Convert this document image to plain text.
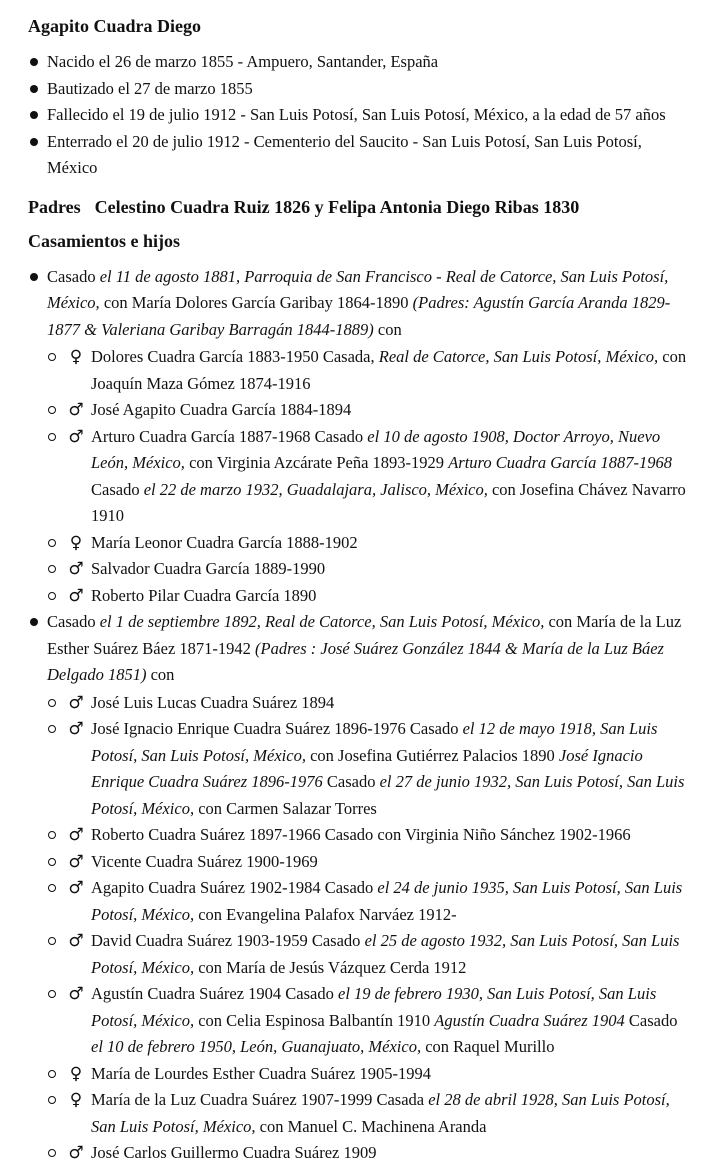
Agapito Cuadra Diego
Nacido el 26 de marzo 1855 - Ampuero, Santander, España
Bautizado el 27 de marzo 1855
Fallecido el 19 de julio 1912 - San Luis Potosí, San Luis Potosí, México, a la edad de 57 años
Enterrado el 20 de julio 1912 - Cementerio del Saucito - San Luis Potosí, San Luis Potosí, México
Padres Celestino Cuadra Ruiz 1826 y Felipa Antonia Diego Ribas 1830
Casamientos e hijos
Casado el 11 de agosto 1881, Parroquia de San Francisco - Real de Catorce, San Luis Potosí, México, con María Dolores García Garibay 1864-1890 (Padres: Agustín García Aranda 1829-1877 & Valeriana Garibay Barragán 1844-1889) con
♀ Dolores Cuadra García 1883-1950 Casada, Real de Catorce, San Luis Potosí, México, con Joaquín Maza Gómez 1874-1916
♂ José Agapito Cuadra García 1884-1894
♂ Arturo Cuadra García 1887-1968 Casado el 10 de agosto 1908, Doctor Arroyo, Nuevo León, México, con Virginia Azcárate Peña 1893-1929 Arturo Cuadra García 1887-1968 Casado el 22 de marzo 1932, Guadalajara, Jalisco, México, con Josefina Chávez Navarro 1910
♀ María Leonor Cuadra García 1888-1902
♂ Salvador Cuadra García 1889-1990
♂ Roberto Pilar Cuadra García 1890
Casado el 1 de septiembre 1892, Real de Catorce, San Luis Potosí, México, con María de la Luz Esther Suárez Báez 1871-1942 (Padres : José Suárez González 1844 & María de la Luz Báez Delgado 1851) con
♂ José Luis Lucas Cuadra Suárez 1894
♂ José Ignacio Enrique Cuadra Suárez 1896-1976 Casado el 12 de mayo 1918, San Luis Potosí, San Luis Potosí, México, con Josefina Gutiérrez Palacios 1890 José Ignacio Enrique Cuadra Suárez 1896-1976 Casado el 27 de junio 1932, San Luis Potosí, San Luis Potosí, México, con Carmen Salazar Torres
♂ Roberto Cuadra Suárez 1897-1966 Casado con Virginia Niño Sánchez 1902-1966
♂ Vicente Cuadra Suárez 1900-1969
♂ Agapito Cuadra Suárez 1902-1984 Casado el 24 de junio 1935, San Luis Potosí, San Luis Potosí, México, con Evangelina Palafox Narváez 1912-
♂ David Cuadra Suárez 1903-1959 Casado el 25 de agosto 1932, San Luis Potosí, San Luis Potosí, México, con María de Jesús Vázquez Cerda 1912
♂ Agustín Cuadra Suárez 1904 Casado el 19 de febrero 1930, San Luis Potosí, San Luis Potosí, México, con Celia Espinosa Balbantín 1910 Agustín Cuadra Suárez 1904 Casado el 10 de febrero 1950, León, Guanajuato, México, con Raquel Murillo
♀ María de Lourdes Esther Cuadra Suárez 1905-1994
♀ María de la Luz Cuadra Suárez 1907-1999 Casada el 28 de abril 1928, San Luis Potosí, San Luis Potosí, México, con Manuel C. Machinena Aranda
♂ José Carlos Guillermo Cuadra Suárez 1909
